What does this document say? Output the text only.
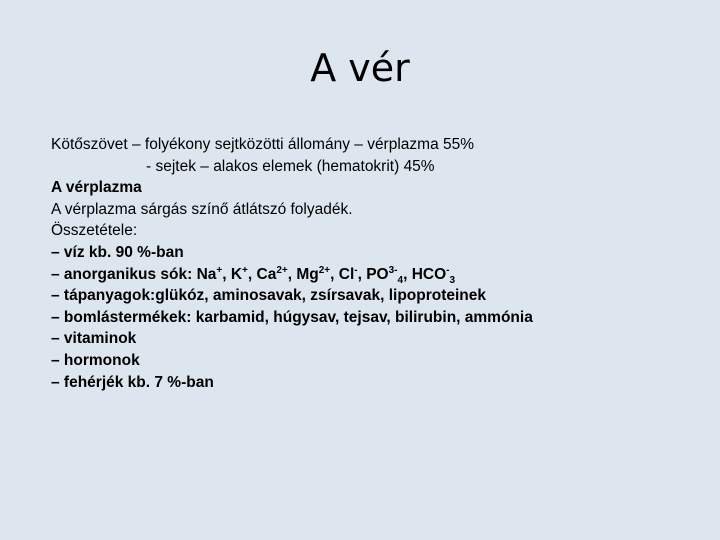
A vér
Kötőszövet – folyékony sejtközötti állomány – vérplazma 55%
- sejtek – alakos elemek (hematokrit) 45%
A vérplazma
A vérplazma sárgás színő átlátszó folyadék.
Összetétele:
– víz kb. 90 %-ban
– anorganikus sók: Na+, K+, $Ca^{2+}$, $Mg^{2+}$, Cl-, $PO^{3-}_4$, $HCO^-_3$
– tápanyagok:glükóz, aminosavak, zsírsavak, lipoproteinek
– bomlástermékek: karbamid, húgysav, tejsav, bilirubin, ammónia
– vitaminok
– hormonok
– fehérjék kb. 7 %-ban
